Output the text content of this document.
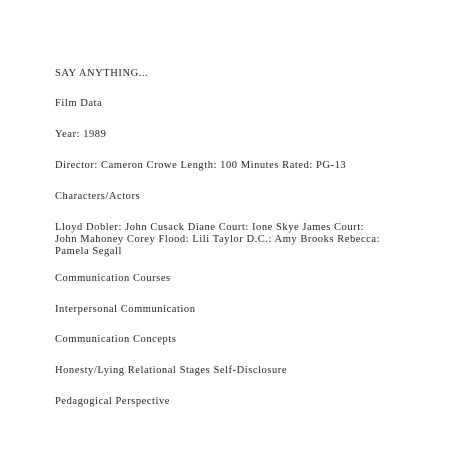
SAY ANYTHING...

Film Data

Year: 1989

Director: Cameron Crowe Length: 100 Minutes Rated: PG-13

Characters/Actors

Lloyd Dobler: John Cusack Diane Court: Ione Skye James Court: John Mahoney Corey Flood: Lili Taylor D.C.: Amy Brooks Rebecca: Pamela Segall

Communication Courses

Interpersonal Communication

Communication Concepts

Honesty/Lying Relational Stages Self-Disclosure

Pedagogical Perspective
